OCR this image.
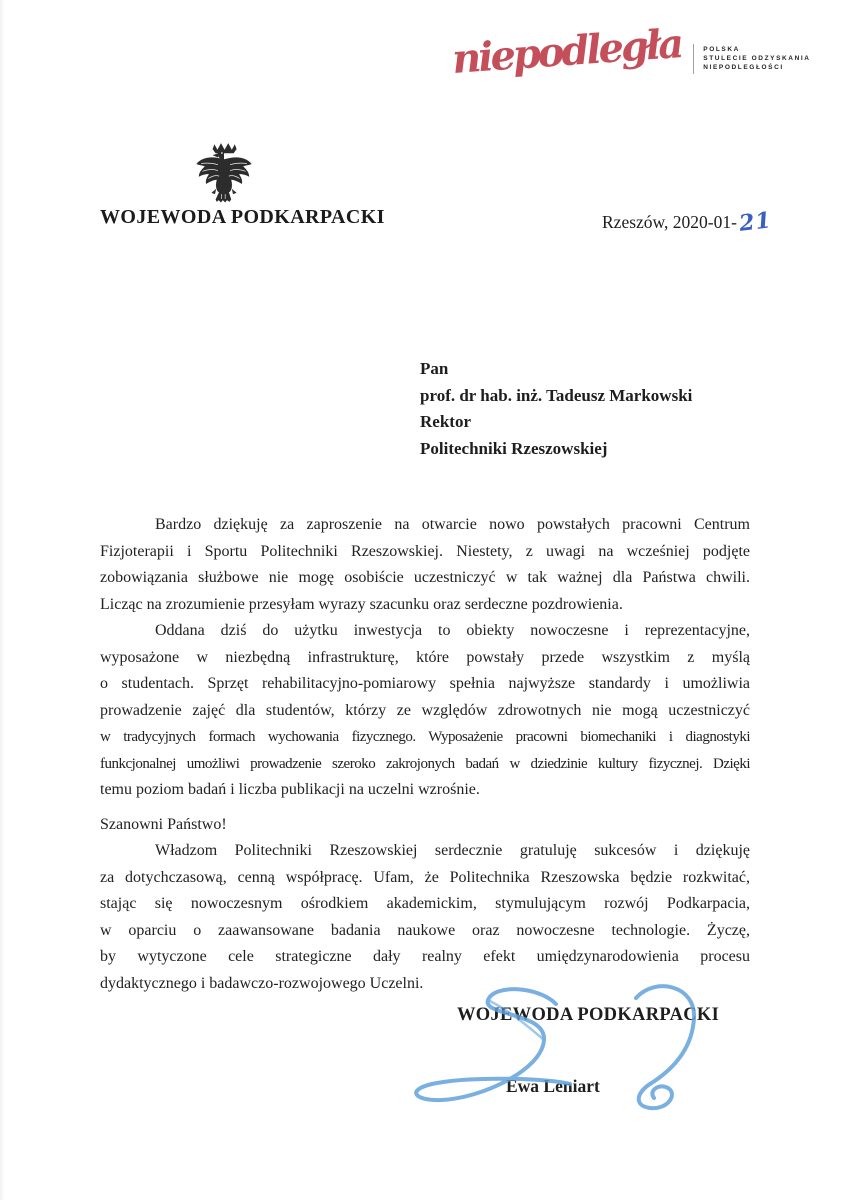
niepodległa	POLSKA
STULECIE ODZYSKANIA
NIEPODLEGŁOŚCI
WOJEWODA PODKARPACKI	Rzeszów, 2020-01-21
Pan
prof. dr hab. inż. Tadeusz Markowski
Rektor
Politechniki Rzeszowskiej
Bardzo dziękuję za zaproszenie na otwarcie nowo powstałych pracowni Centrum
Fizjoterapii i Sportu Politechniki Rzeszowskiej. Niestety, z uwagi na wcześniej podjęte
zobowiązania służbowe nie mogę osobiście uczestniczyć w tak ważnej dla Państwa chwili.
Licząc na zrozumienie przesyłam wyrazy szacunku oraz serdeczne pozdrowienia.
Oddana dziś do użytku inwestycja to obiekty nowoczesne i reprezentacyjne,
wyposażone w niezbędną infrastrukturę, które powstały przede wszystkim z myślą
o studentach. Sprzęt rehabilitacyjno-pomiarowy spełnia najwyższe standardy i umożliwia
prowadzenie zajęć dla studentów, którzy ze względów zdrowotnych nie mogą uczestniczyć
w tradycyjnych formach wychowania fizycznego. Wyposażenie pracowni biomechaniki i diagnostyki
funkcjonalnej umożliwi prowadzenie szeroko zakrojonych badań w dziedzinie kultury fizycznej. Dzięki
temu poziom badań i liczba publikacji na uczelni wzrośnie.
Szanowni Państwo!
Władzom Politechniki Rzeszowskiej serdecznie gratuluję sukcesów i dziękuję
za dotychczasową, cenną współpracę. Ufam, że Politechnika Rzeszowska będzie rozkwitać,
stając się nowoczesnym ośrodkiem akademickim, stymulującym rozwój Podkarpacia,
w oparciu o zaawansowane badania naukowe oraz nowoczesne technologie. Życzę,
by wytyczone cele strategiczne dały realny efekt umiędzynarodowienia procesu
dydaktycznego i badawczo-rozwojowego Uczelni.
WOJEWODA PODKARPACKI
Ewa Leniart
